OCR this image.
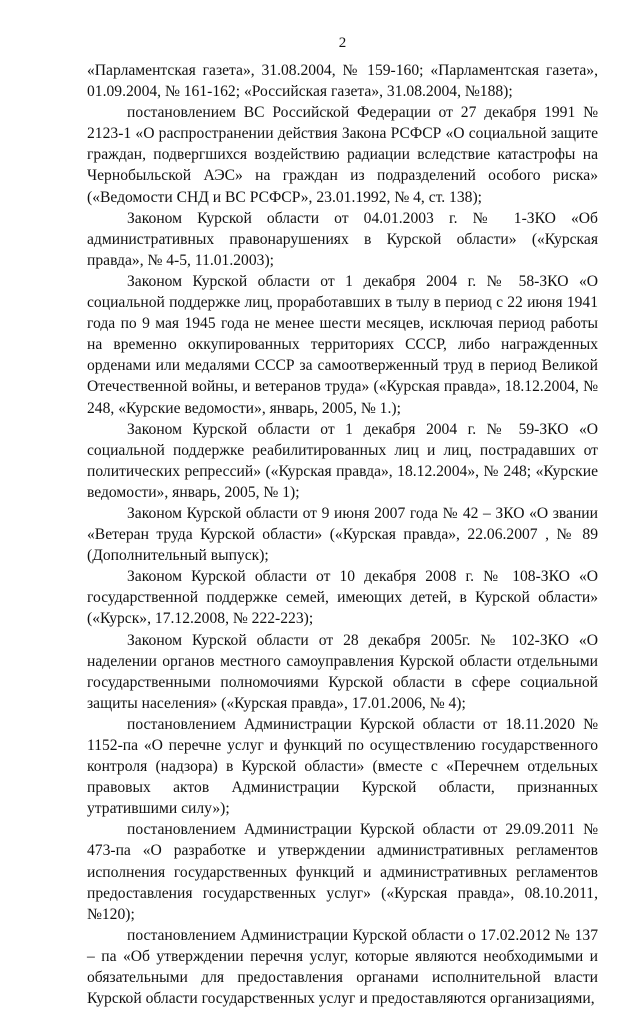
2

«Парламентская газета», 31.08.2004, № 159-160; «Парламентская газета», 01.09.2004, № 161-162; «Российская газета», 31.08.2004, №188);

постановлением ВС Российской Федерации от 27 декабря 1991 № 2123-1 «О распространении действия Закона РСФСР «О социальной защите граждан, подвергшихся воздействию радиации вследствие катастрофы на Чернобыльской АЭС» на граждан из подразделений особого риска» («Ведомости СНД и ВС РСФСР», 23.01.1992, № 4, ст. 138);

Законом Курской области от 04.01.2003 г. № 1-ЗКО «Об административных правонарушениях в Курской области» («Курская правда», № 4-5, 11.01.2003);

Законом Курской области от 1 декабря 2004 г. № 58-ЗКО «О социальной поддержке лиц, проработавших в тылу в период с 22 июня 1941 года по 9 мая 1945 года не менее шести месяцев, исключая период работы на временно оккупированных территориях СССР, либо награжденных орденами или медалями СССР за самоотверженный труд в период Великой Отечественной войны, и ветеранов труда» («Курская правда», 18.12.2004, № 248, «Курские ведомости», январь, 2005, № 1.);

Законом Курской области от 1 декабря 2004 г. № 59-ЗКО «О социальной поддержке реабилитированных лиц и лиц, пострадавших от политических репрессий» («Курская правда», 18.12.2004», № 248; «Курские ведомости», январь, 2005, № 1);

Законом Курской области от 9 июня 2007 года № 42 – ЗКО «О звании «Ветеран труда Курской области» («Курская правда», 22.06.2007 , № 89 (Дополнительный выпуск);

Законом Курской области от 10 декабря 2008 г. № 108-ЗКО «О государственной поддержке семей, имеющих детей, в Курской области» («Курск», 17.12.2008, № 222-223);

Законом Курской области от 28 декабря 2005г. № 102-ЗКО «О наделении органов местного самоуправления Курской области отдельными государственными полномочиями Курской области в сфере социальной защиты населения» («Курская правда», 17.01.2006, № 4);

постановлением Администрации Курской области от 18.11.2020 № 1152-па «О перечне услуг и функций по осуществлению государственного контроля (надзора) в Курской области» (вместе с «Перечнем отдельных правовых актов Администрации Курской области, признанных утратившими силу»);

постановлением Администрации Курской области от 29.09.2011 № 473-па «О разработке и утверждении административных регламентов исполнения государственных функций и административных регламентов предоставления государственных услуг» («Курская правда», 08.10.2011, №120);

постановлением Администрации Курской области о 17.02.2012 № 137 – па «Об утверждении перечня услуг, которые являются необходимыми и обязательными для предоставления органами исполнительной власти Курской области государственных услуг и предоставляются организациями,
